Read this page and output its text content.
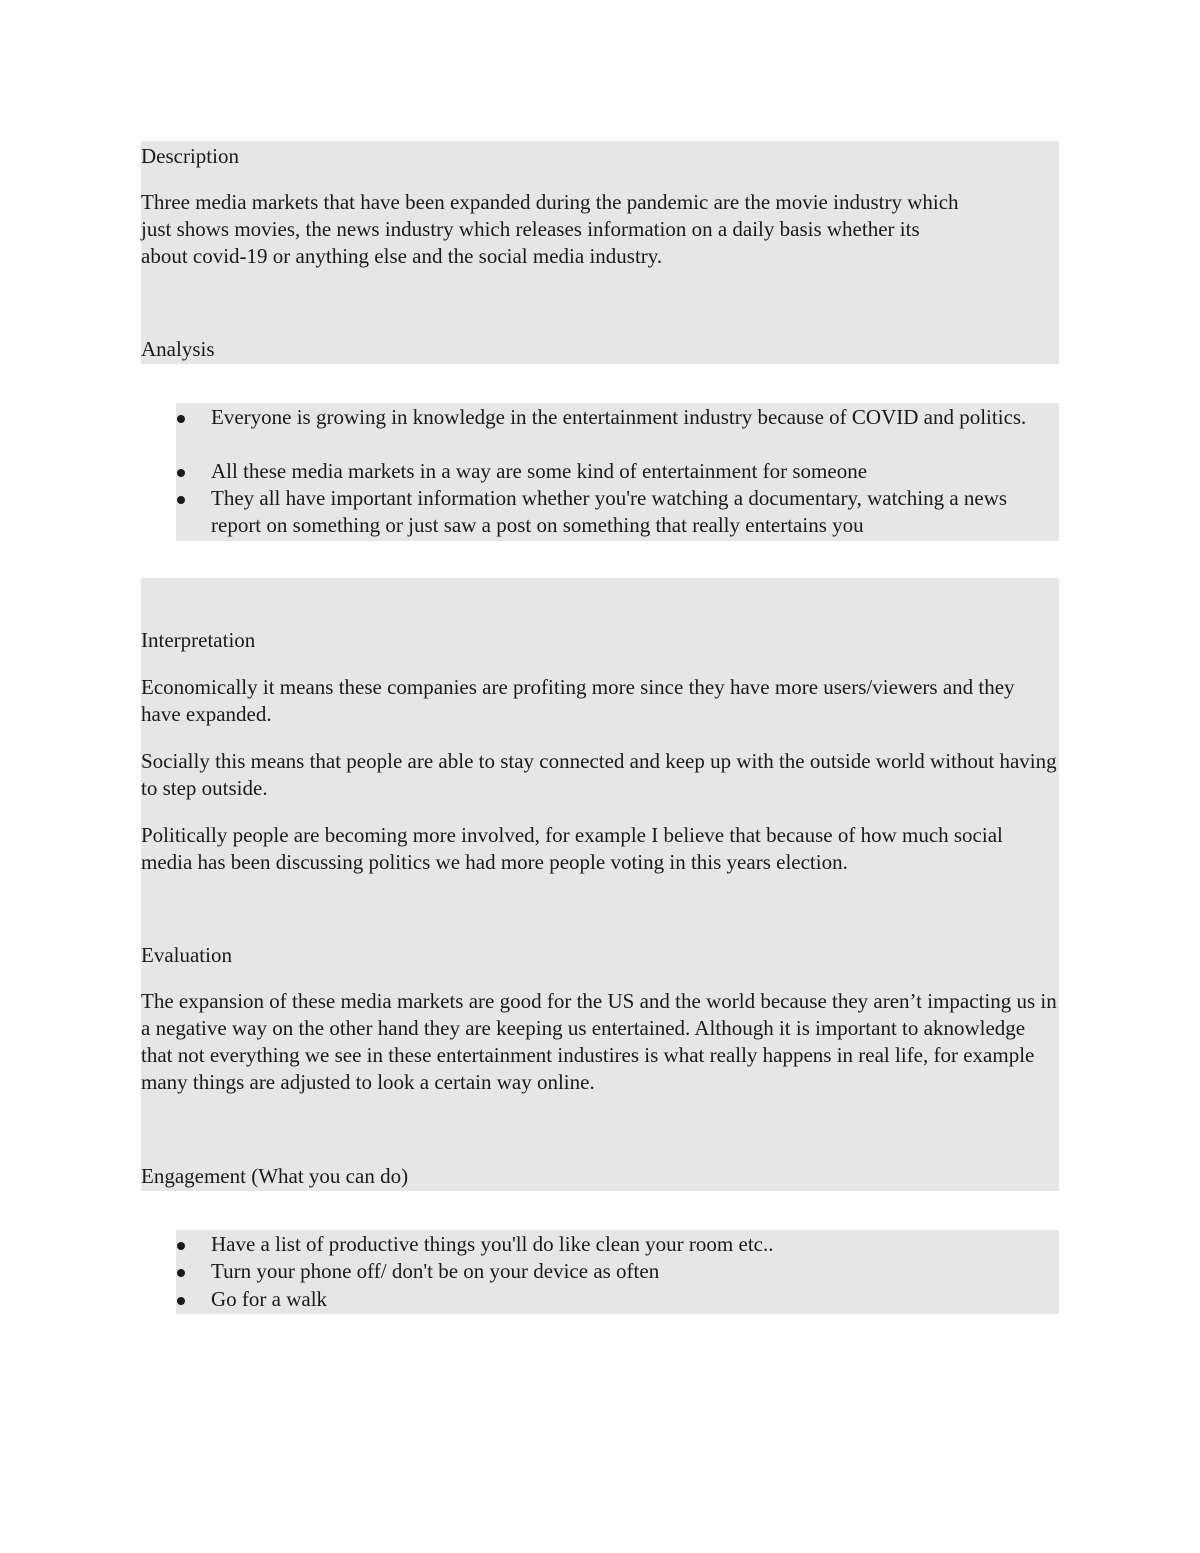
Description
Three media markets that have been expanded during the pandemic are the movie industry which
just shows movies, the news industry which releases information on a daily basis whether its
about covid-19 or anything else and the social media industry.
Analysis
Everyone is growing in knowledge in the entertainment industry because of COVID and politics.
All these media markets in a way are some kind of entertainment for someone
They all have important information whether you're watching a documentary, watching a news report on something or just saw a post on something that really entertains you
Interpretation
Economically it means these companies are profiting more since they have more users/viewers and they have expanded.
Socially this means that people are able to stay connected and keep up with the outside world without having to step outside.
Politically people are becoming more involved, for example I believe that because of how much social media has been discussing politics we had more people voting in this years election.
Evaluation
The expansion of these media markets are good for the US and the world because they aren’t impacting us in a negative way on the other hand they are keeping us entertained. Although it is important to aknowledge that not everything we see in these entertainment industires is what really happens in real life, for example many things are adjusted to look a certain way online.
Engagement (What you can do)
Have a list of productive things you'll do like clean your room etc..
Turn your phone off/ don't be on your device as often
Go for a walk
